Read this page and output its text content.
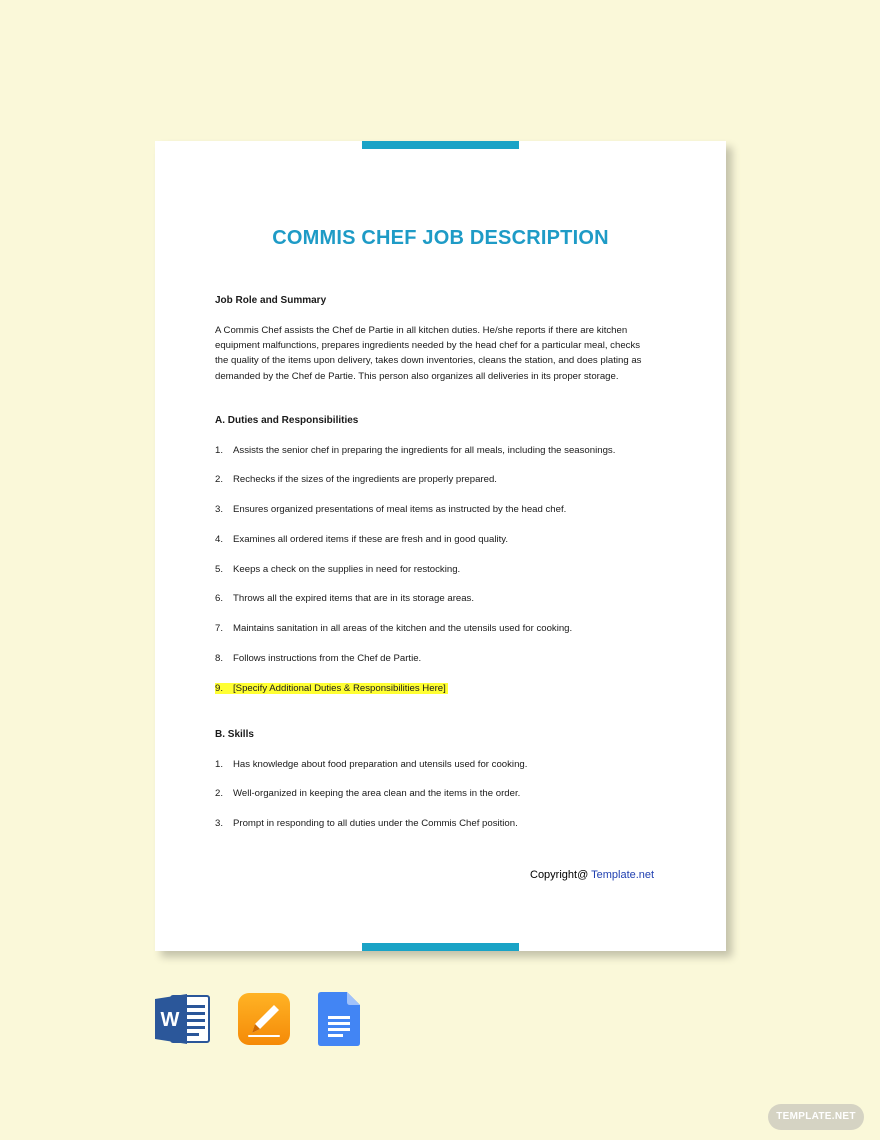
COMMIS CHEF JOB DESCRIPTION
Job Role and Summary
A Commis Chef assists the Chef de Partie in all kitchen duties. He/she reports if there are kitchen equipment malfunctions, prepares ingredients needed by the head chef for a particular meal, checks the quality of the items upon delivery, takes down inventories, cleans the station, and does plating as demanded by the Chef de Partie. This person also organizes all deliveries in its proper storage.
A. Duties and Responsibilities
1.	Assists the senior chef in preparing the ingredients for all meals, including the seasonings.
2.	Rechecks if the sizes of the ingredients are properly prepared.
3.	Ensures organized presentations of meal items as instructed by the head chef.
4.	Examines all ordered items if these are fresh and in good quality.
5.	Keeps a check on the supplies in need for restocking.
6.	Throws all the expired items that are in its storage areas.
7.	Maintains sanitation in all areas of the kitchen and the utensils used for cooking.
8.	Follows instructions from the Chef de Partie.
9.	[Specify Additional Duties & Responsibilities Here]
B. Skills
1.	Has knowledge about food preparation and utensils used for cooking.
2.	Well-organized in keeping the area clean and the items in the order.
3.	Prompt in responding to all duties under the Commis Chef position.
Copyright@ Template.net
W
TEMPLATE.NET
